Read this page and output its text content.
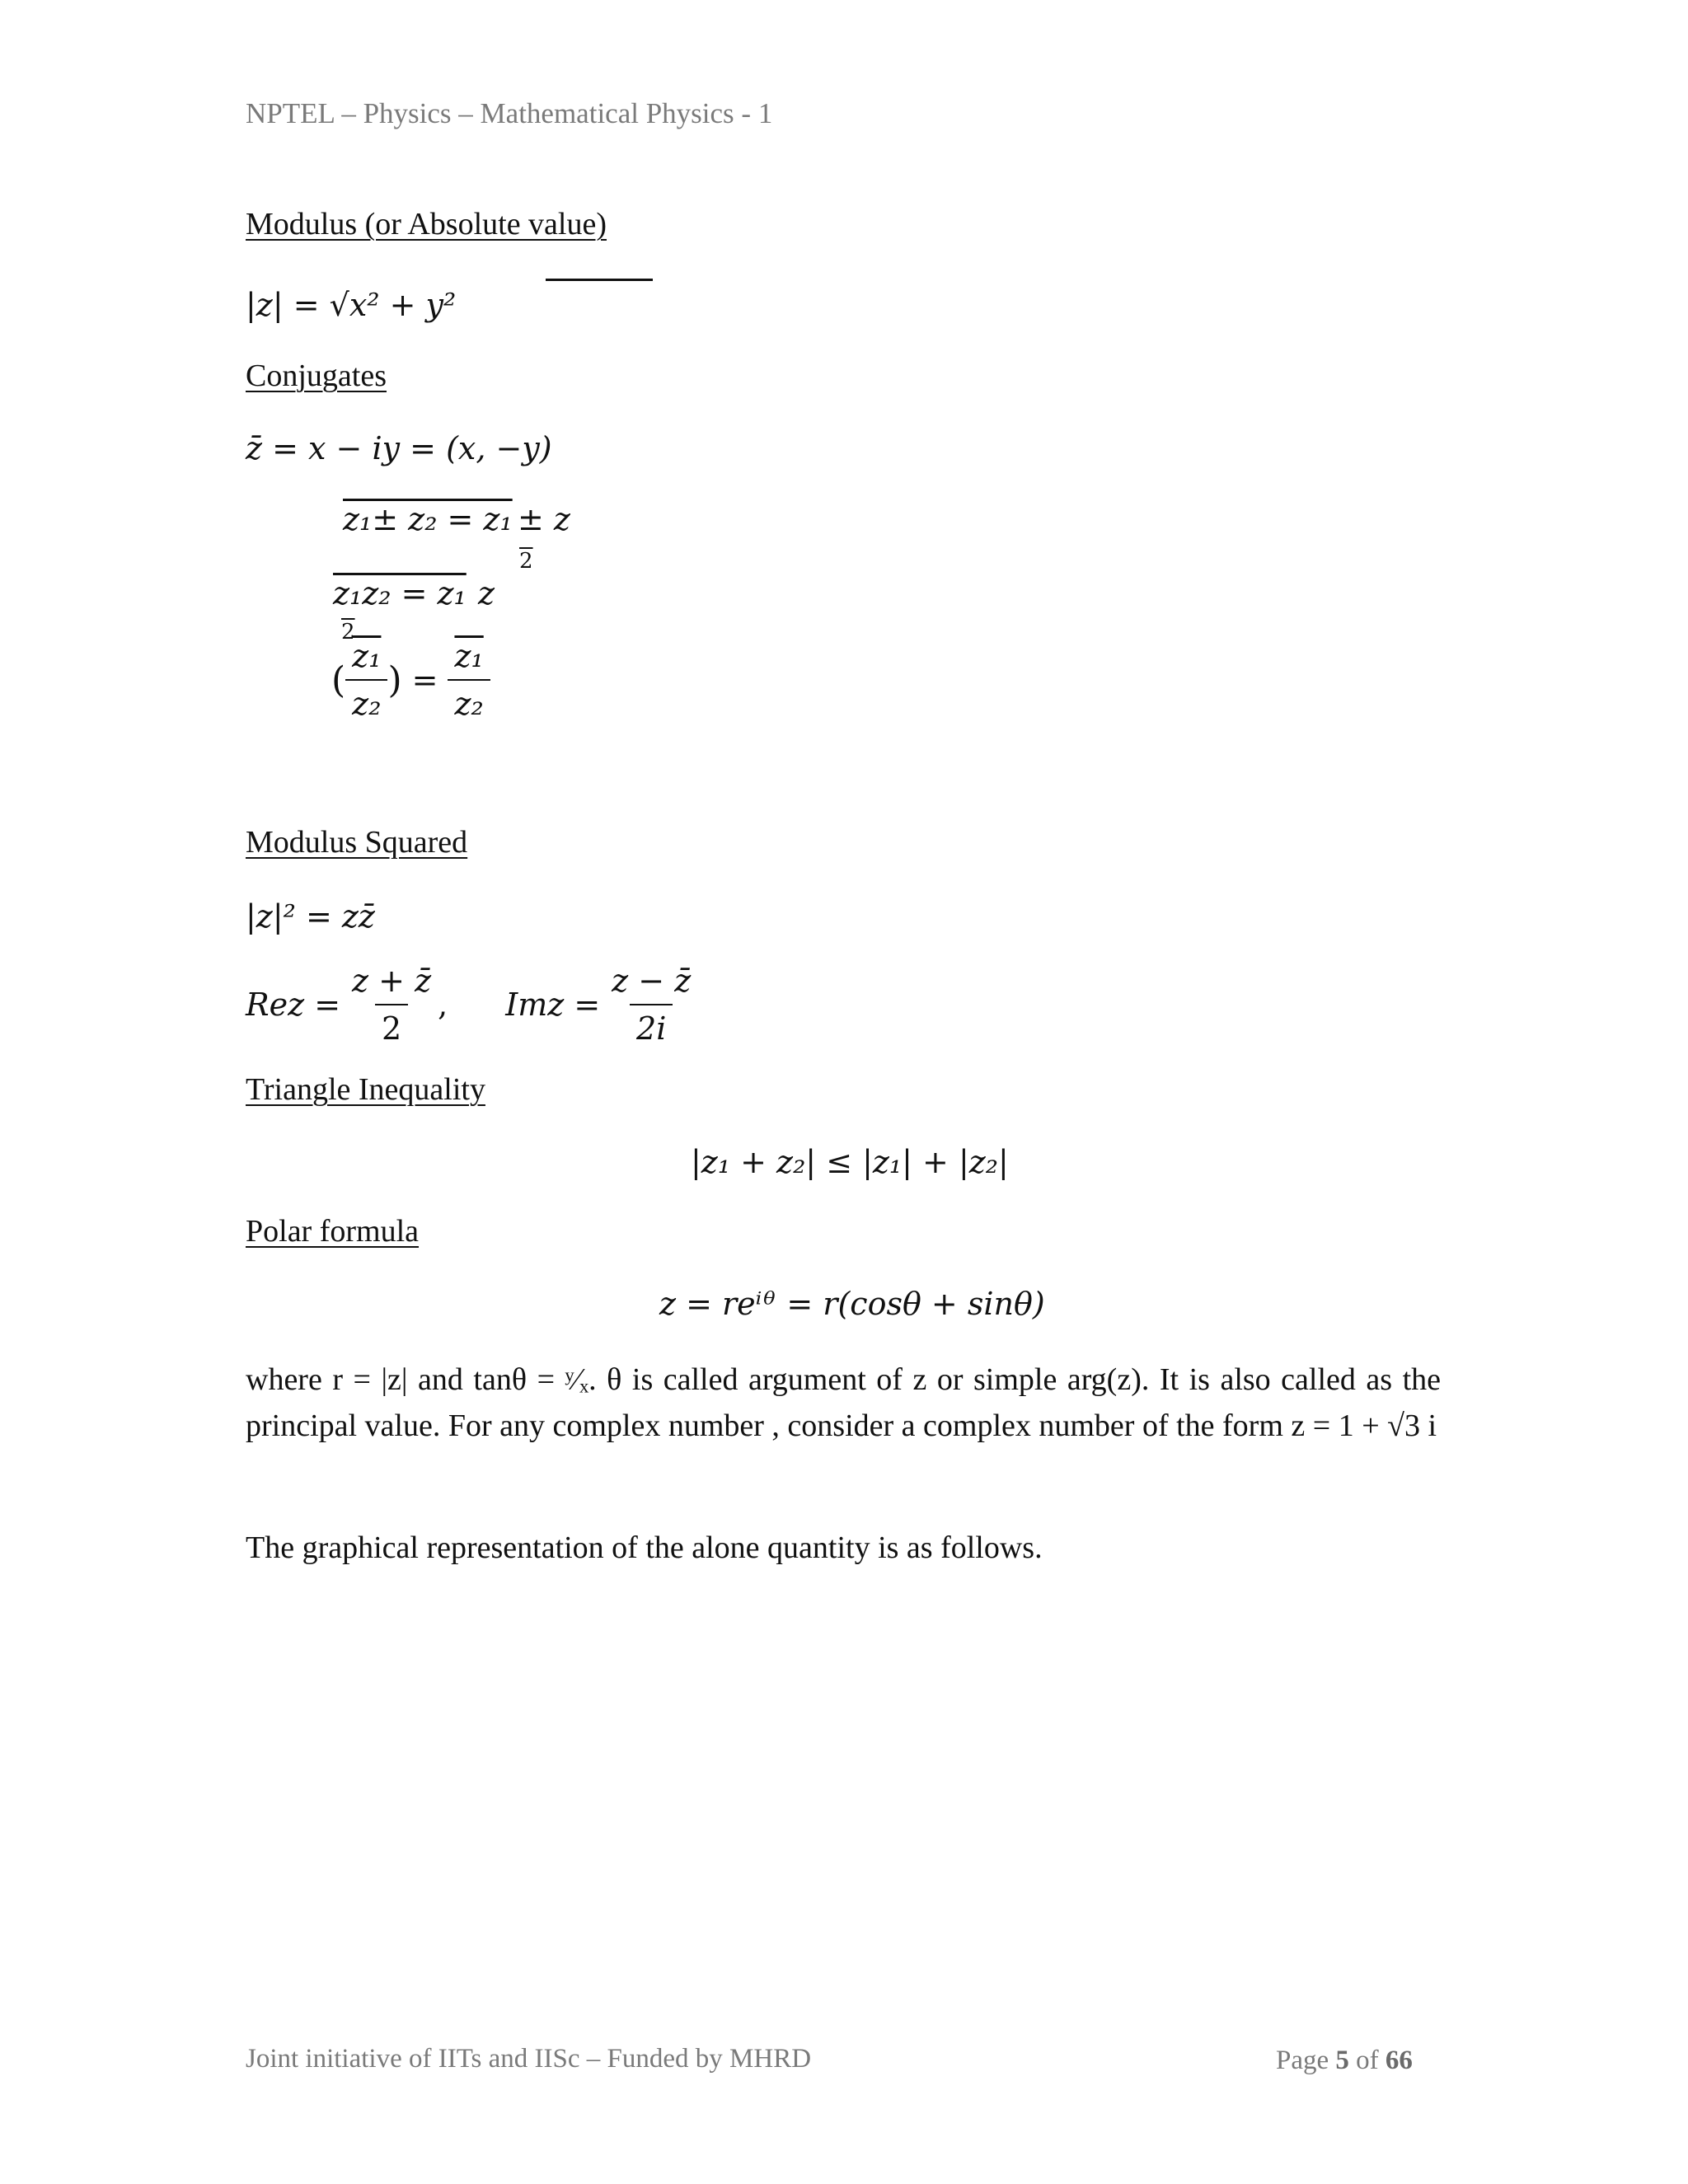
NPTEL – Physics – Mathematical Physics - 1
Modulus (or Absolute value)
|z| = √x² + y²
Conjugates
z̄ = x − iy = (x, −y)
z₁± z₂ = z₁ ± z
2
z₁z₂ = z₁ z
2
( $\frac{\text{z₁}}{\text{z₂}}$ ) = $\frac{\text{z₁}}{\text{z₂}}$
Modulus Squared
|z|² = zz̄
Rez = $\frac{z + z̄}{2}$ , Imz = $\frac{z - z̄}{2i}$
Triangle Inequality
|z₁ + z₂| ≤ |z₁| + |z₂|
Polar formula
z = reⁱᶿ = r(cosθ + sinθ)
where r = |z| and tanθ = ʸ⁄ₓ. θ is called argument of z or simple arg(z). It is also called as the principal value. For any complex number , consider a complex number of the form z = 1 + √3 i
The graphical representation of the alone quantity is as follows.
Joint initiative of IITs and IISc – Funded by MHRD	Page 5 of 66
